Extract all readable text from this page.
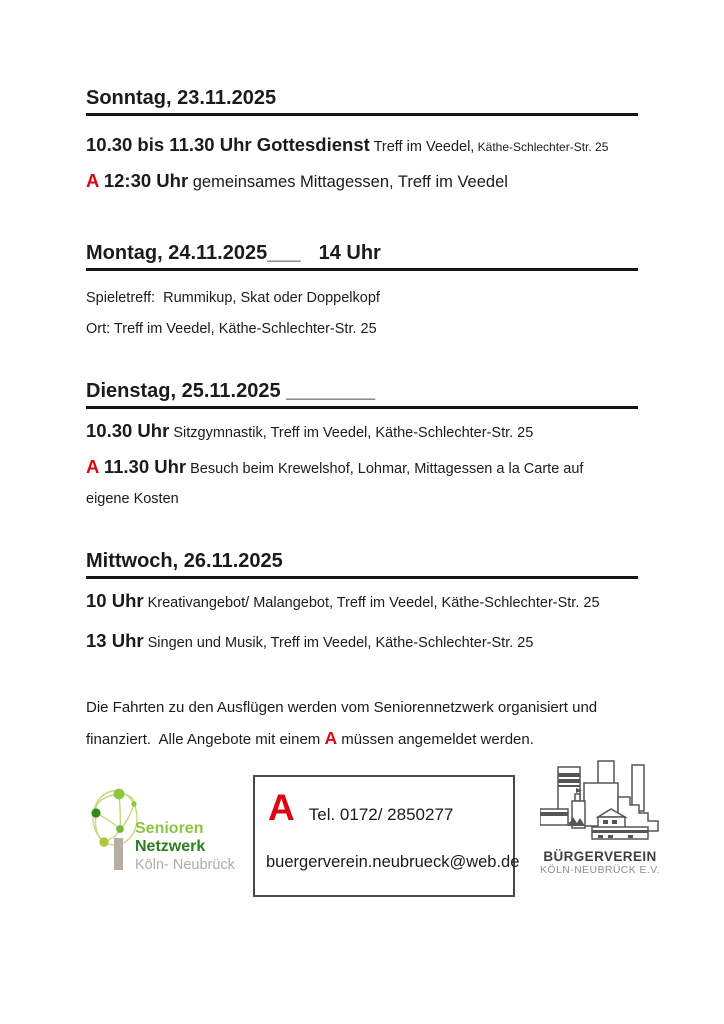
Sonntag, 23.11.2025
10.30 bis 11.30 Uhr Gottesdienst Treff im Veedel, Käthe-Schlechter-Str. 25
A 12:30 Uhr gemeinsames Mittagessen, Treff im Veedel
Montag, 24.11.2025___ 14 Uhr
Spieletreff:  Rummikup, Skat oder Doppelkopf
Ort: Treff im Veedel, Käthe-Schlechter-Str. 25
Dienstag, 25.11.2025 ________
10.30 Uhr Sitzgymnastik, Treff im Veedel, Käthe-Schlechter-Str. 25
A 11.30 Uhr Besuch beim Krewelshof, Lohmar, Mittagessen a la Carte auf eigene Kosten
Mittwoch, 26.11.2025
10 Uhr Kreativangebot/ Malangebot, Treff im Veedel, Käthe-Schlechter-Str. 25
13 Uhr Singen und Musik, Treff im Veedel, Käthe-Schlechter-Str. 25
Die Fahrten zu den Ausflügen werden vom Seniorennetzwerk organisiert und finanziert.  Alle Angebote mit einem A müssen angemeldet werden.
Senioren
Netzwerk
Köln- Neubrück
A Tel. 0172/ 2850277
buergerverein.neubrueck@web.de	BÜRGERVEREIN
KÖLN-NEUBRÜCK E.V.
